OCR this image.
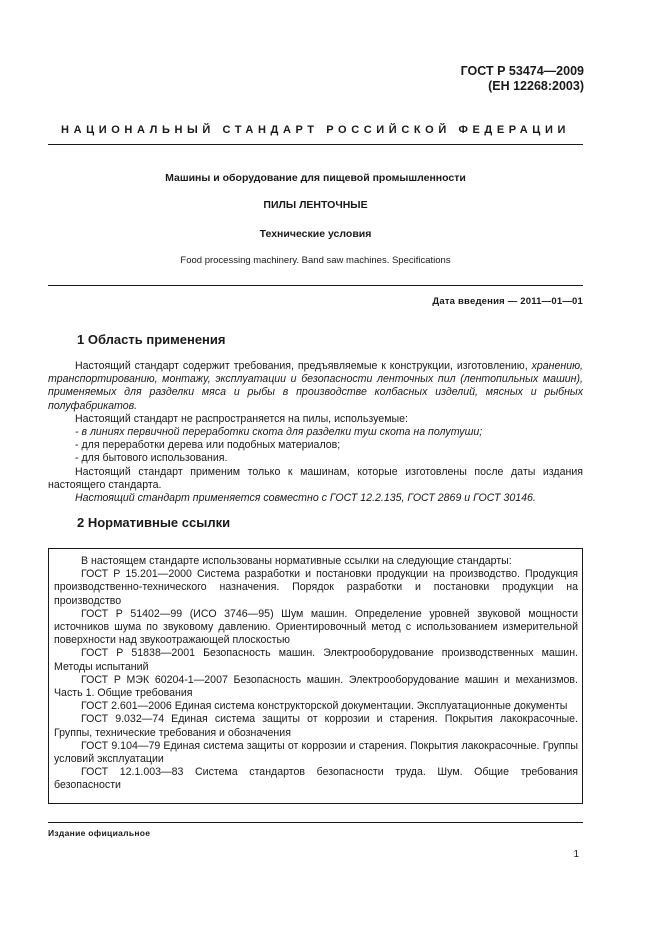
ГОСТ Р 53474—2009
(ЕН 12268:2003)
НАЦИОНАЛЬНЫЙ СТАНДАРТ РОССИЙСКОЙ ФЕДЕРАЦИИ
Машины и оборудование для пищевой промышленности
ПИЛЫ ЛЕНТОЧНЫЕ
Технические условия
Food processing machinery. Band saw machines. Specifications
Дата введения — 2011—01—01
1 Область применения

Настоящий стандарт содержит требования, предъявляемые к конструкции, изготовлению, хранению, транспортированию, монтажу, эксплуатации и безопасности ленточных пил (лентопильных машин), применяемых для разделки мяса и рыбы в производстве колбасных изделий, мясных и рыбных полуфабрикатов.

Настоящий стандарт не распространяется на пилы, используемые:

- в линиях первичной переработки скота для разделки туш скота на полутуши;

- для переработки дерева или подобных материалов;

- для бытового использования.

Настоящий стандарт применим только к машинам, которые изготовлены после даты издания настоящего стандарта.

Настоящий стандарт применяется совместно с ГОСТ 12.2.135, ГОСТ 2869 и ГОСТ 30146.

2 Нормативные ссылки

В настоящем стандарте использованы нормативные ссылки на следующие стандарты:

ГОСТ Р 15.201—2000 Система разработки и постановки продукции на производство. Продукция производственно-технического назначения. Порядок разработки и постановки продукции на производство

ГОСТ Р 51402—99 (ИСО 3746—95) Шум машин. Определение уровней звуковой мощности источников шума по звуковому давлению. Ориентировочный метод с использованием измерительной поверхности над звукоотражающей плоскостью

ГОСТ Р 51838—2001 Безопасность машин. Электрооборудование производственных машин. Методы испытаний

ГОСТ Р МЭК 60204-1—2007 Безопасность машин. Электрооборудование машин и механизмов. Часть 1. Общие требования

ГОСТ 2.601—2006 Единая система конструкторской документации. Эксплуатационные документы

ГОСТ 9.032—74 Единая система защиты от коррозии и старения. Покрытия лакокрасочные. Группы, технические требования и обозначения

ГОСТ 9.104—79 Единая система защиты от коррозии и старения. Покрытия лакокрасочные. Группы условий эксплуатации

ГОСТ 12.1.003—83 Система стандартов безопасности труда. Шум. Общие требования безопасности

Издание официальное
1
